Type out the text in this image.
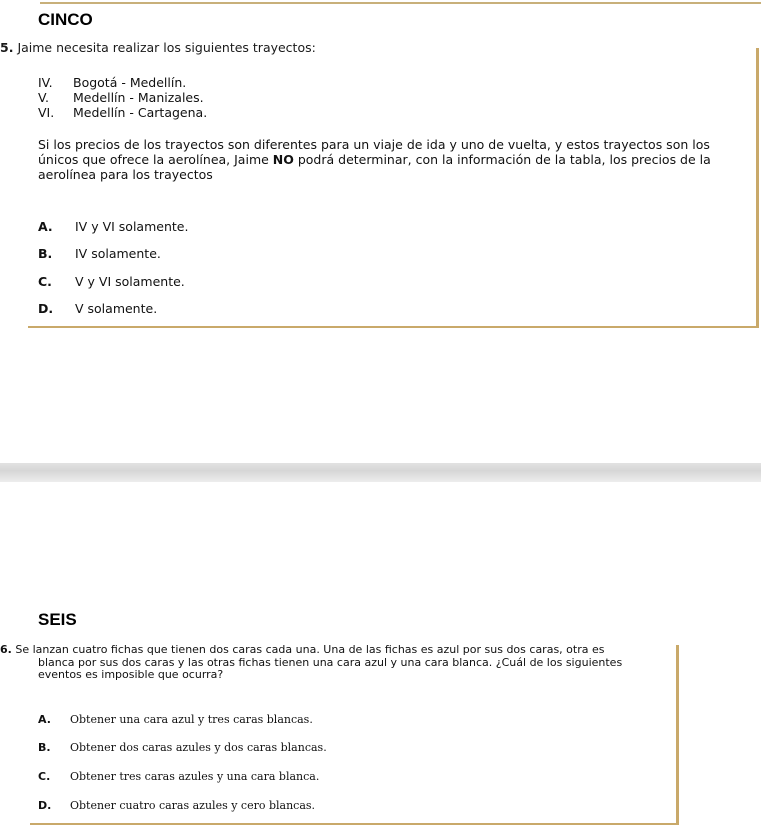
CINCO
5. Jaime necesita realizar los siguientes trayectos:
IV. Bogotá - Medellín.
V. Medellín - Manizales.
VI. Medellín - Cartagena.
Si los precios de los trayectos son diferentes para un viaje de ida y uno de vuelta, y estos trayectos son los
únicos que ofrece la aerolínea, Jaime NO podrá determinar, con la información de la tabla, los precios de la
aerolínea para los trayectos
A. IV y VI solamente.
B. IV solamente.
C. V y VI solamente.
D. V solamente.
SEIS
6. Se lanzan cuatro fichas que tienen dos caras cada una. Una de las fichas es azul por sus dos caras, otra es
blanca por sus dos caras y las otras fichas tienen una cara azul y una cara blanca. ¿Cuál de los siguientes
eventos es imposible que ocurra?
A. Obtener una cara azul y tres caras blancas.
B. Obtener dos caras azules y dos caras blancas.
C. Obtener tres caras azules y una cara blanca.
D. Obtener cuatro caras azules y cero blancas.
